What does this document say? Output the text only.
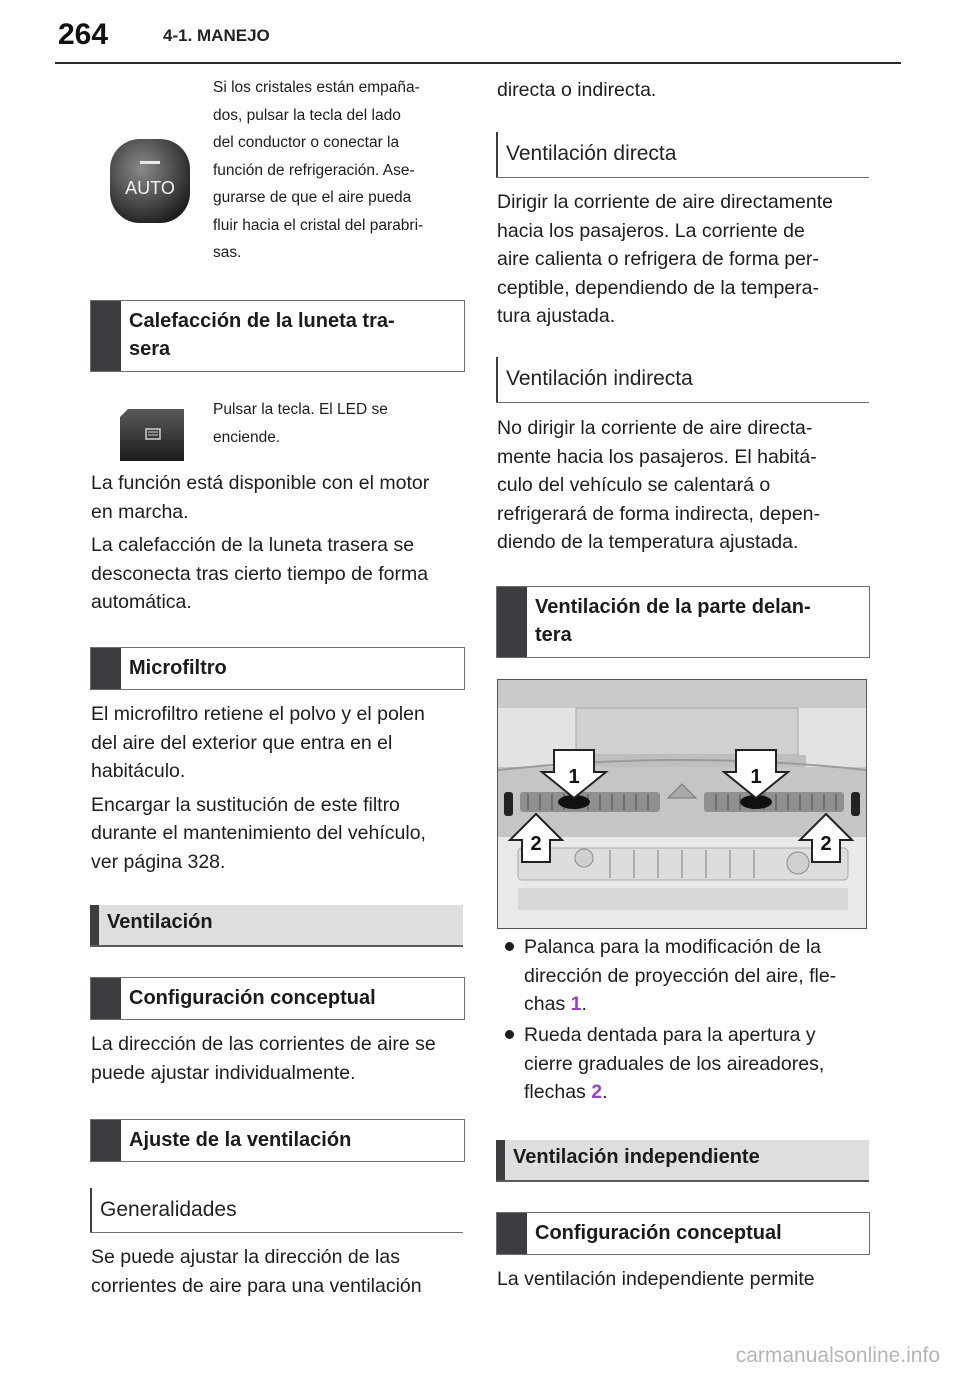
264	4-1. MANEJO
AUTO
Si los cristales están empaña-
dos, pulsar la tecla del lado
del conductor o conectar la
función de refrigeración. Ase-
gurarse de que el aire pueda
fluir hacia el cristal del parabri-
sas.
Calefacción de la luneta tra-
sera
Pulsar la tecla. El LED se
enciende.
La función está disponible con el motor
en marcha.
La calefacción de la luneta trasera se
desconecta tras cierto tiempo de forma
automática.
Microfiltro
El microfiltro retiene el polvo y el polen
del aire del exterior que entra en el
habitáculo.
Encargar la sustitución de este filtro
durante el mantenimiento del vehículo,
ver página 328.
Ventilación
Configuración conceptual
La dirección de las corrientes de aire se
puede ajustar individualmente.
Ajuste de la ventilación
Generalidades
Se puede ajustar la dirección de las
corrientes de aire para una ventilación
directa o indirecta.
Ventilación directa
Dirigir la corriente de aire directamente
hacia los pasajeros. La corriente de
aire calienta o refrigera de forma per-
ceptible, dependiendo de la tempera-
tura ajustada.
Ventilación indirecta
No dirigir la corriente de aire directa-
mente hacia los pasajeros. El habitá-
culo del vehículo se calentará o
refrigerará de forma indirecta, depen-
diendo de la temperatura ajustada.
Ventilación de la parte delan-
tera
1	1
2	2
Palanca para la modificación de la
dirección de proyección del aire, fle-
chas 1.
Rueda dentada para la apertura y
cierre graduales de los aireadores,
flechas 2.
Ventilación independiente
Configuración conceptual
La ventilación independiente permite
carmanualsonline.info
